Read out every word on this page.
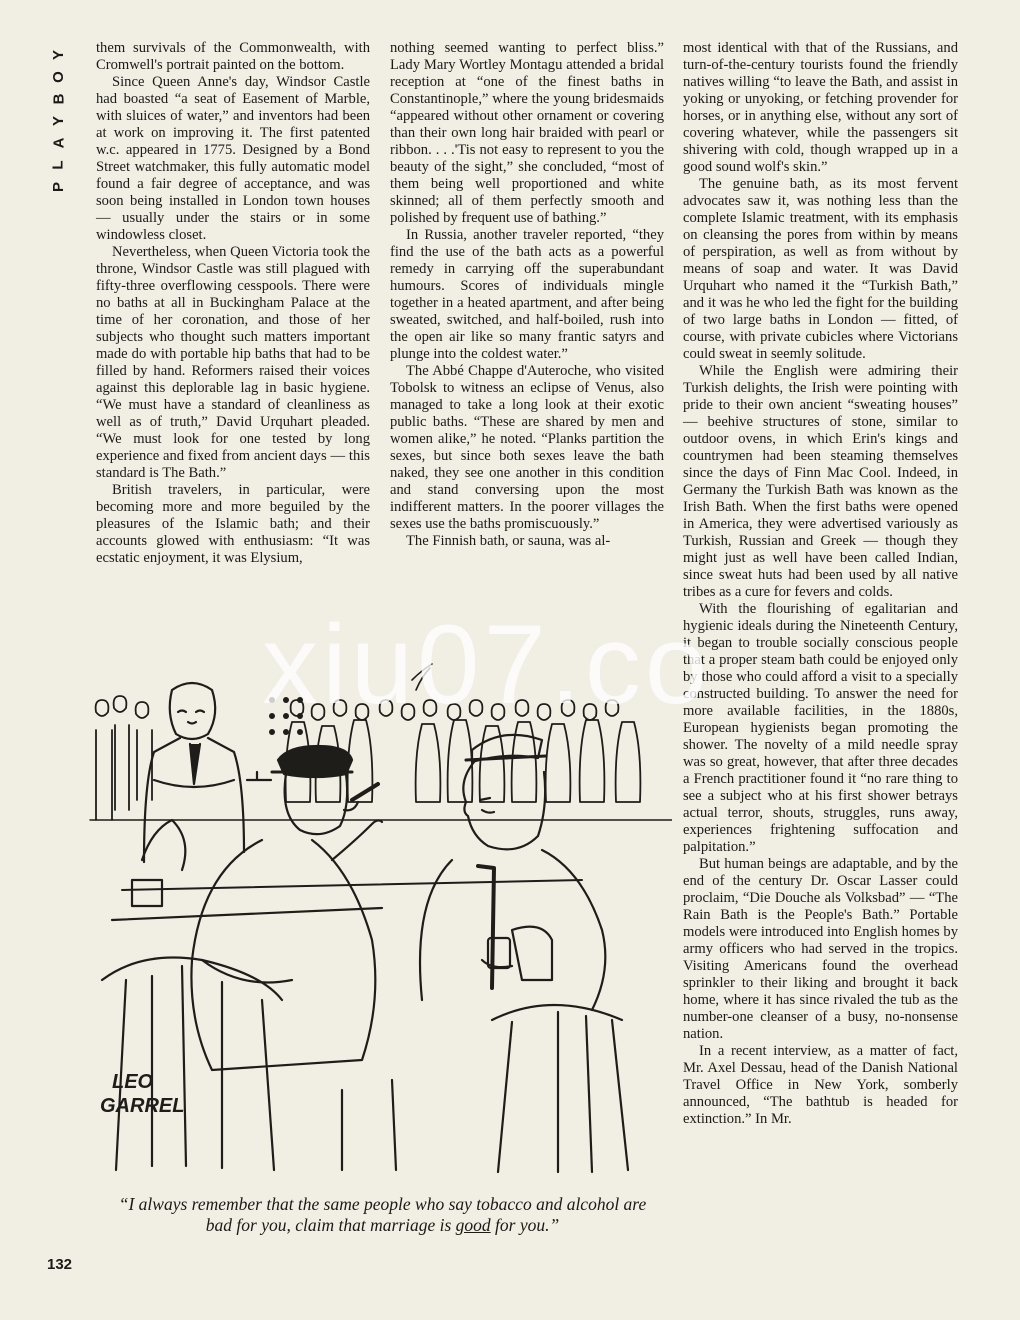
Y
O
B
Y
A
L
P

them survivals of the Commonwealth, with Cromwell's portrait painted on the bottom.

Since Queen Anne's day, Windsor Castle had boasted “a seat of Easement of Marble, with sluices of water,” and inventors had been at work on improving it. The first patented w.c. appeared in 1775. Designed by a Bond Street watchmaker, this fully automatic model found a fair degree of acceptance, and was soon being installed in London town houses — usually under the stairs or in some windowless closet.

Nevertheless, when Queen Victoria took the throne, Windsor Castle was still plagued with fifty-three overflowing cesspools. There were no baths at all in Buckingham Palace at the time of her coronation, and those of her subjects who thought such matters important made do with portable hip baths that had to be filled by hand. Reformers raised their voices against this deplorable lag in basic hygiene. “We must have a standard of cleanliness as well as of truth,” David Urquhart pleaded. “We must look for one tested by long experience and fixed from ancient days — this standard is The Bath.”

British travelers, in particular, were becoming more and more beguiled by the pleasures of the Islamic bath; and their accounts glowed with enthusiasm: “It was ecstatic enjoyment, it was Elysium,

nothing seemed wanting to perfect bliss.” Lady Mary Wortley Montagu attended a bridal reception at “one of the finest baths in Constantinople,” where the young bridesmaids “appeared without other ornament or covering than their own long hair braided with pearl or ribbon. . . .'Tis not easy to represent to you the beauty of the sight,” she concluded, “most of them being well proportioned and white skinned; all of them perfectly smooth and polished by frequent use of bathing.”

In Russia, another traveler reported, “they find the use of the bath acts as a powerful remedy in carrying off the superabundant humours. Scores of individuals mingle together in a heated apartment, and after being sweated, switched, and half-boiled, rush into the open air like so many frantic satyrs and plunge into the coldest water.”

The Abbé Chappe d'Auteroche, who visited Tobolsk to witness an eclipse of Venus, also managed to take a long look at their exotic public baths. “These are shared by men and women alike,” he noted. “Planks partition the sexes, but since both sexes leave the bath naked, they see one another in this condition and stand conversing upon the most indifferent matters. In the poorer villages the sexes use the baths promiscuously.”

The Finnish bath, or sauna, was al-

most identical with that of the Russians, and turn-of-the-century tourists found the friendly natives willing “to leave the Bath, and assist in yoking or unyoking, or fetching provender for horses, or in anything else, without any sort of covering whatever, while the passengers sit shivering with cold, though wrapped up in a good sound wolf's skin.”

The genuine bath, as its most fervent advocates saw it, was nothing less than the complete Islamic treatment, with its emphasis on cleansing the pores from within by means of perspiration, as well as from without by means of soap and water. It was David Urquhart who named it the “Turkish Bath,” and it was he who led the fight for the building of two large baths in London — fitted, of course, with private cubicles where Victorians could sweat in seemly solitude.

While the English were admiring their Turkish delights, the Irish were pointing with pride to their own ancient “sweating houses” — beehive structures of stone, similar to outdoor ovens, in which Erin's kings and countrymen had been steaming themselves since the days of Finn Mac Cool. Indeed, in Germany the Turkish Bath was known as the Irish Bath. When the first baths were opened in America, they were advertised variously as Turkish, Russian and Greek — though they might just as well have been called Indian, since sweat huts had been used by all native tribes as a cure for fevers and colds.

With the flourishing of egalitarian and hygienic ideals during the Nineteenth Century, it began to trouble socially conscious people that a proper steam bath could be enjoyed only by those who could afford a visit to a specially constructed building. To answer the need for more available facilities, in the 1880s, European hygienists began promoting the shower. The novelty of a mild needle spray was so great, however, that after three decades a French practitioner found it “no rare thing to see a subject who at his first shower betrays actual terror, shouts, struggles, runs away, experiences frightening suffocation and palpitation.”

But human beings are adaptable, and by the end of the century Dr. Oscar Lasser could proclaim, “Die Douche als Volksbad” — “The Rain Bath is the People's Bath.” Portable models were introduced into English homes by army officers who had served in the tropics. Visiting Americans found the overhead sprinkler to their liking and brought it back home, where it has since rivaled the tub as the number-one cleanser of a busy, no-nonsense nation.

In a recent interview, as a matter of fact, Mr. Axel Dessau, head of the Danish National Travel Office in New York, somberly announced, “The bathtub is headed for extinction.” In Mr.

LEO
GARREL
“I always remember that the same people who say tobacco and alcohol are bad for you, claim that marriage is good for you.”
132
xiu07.co
